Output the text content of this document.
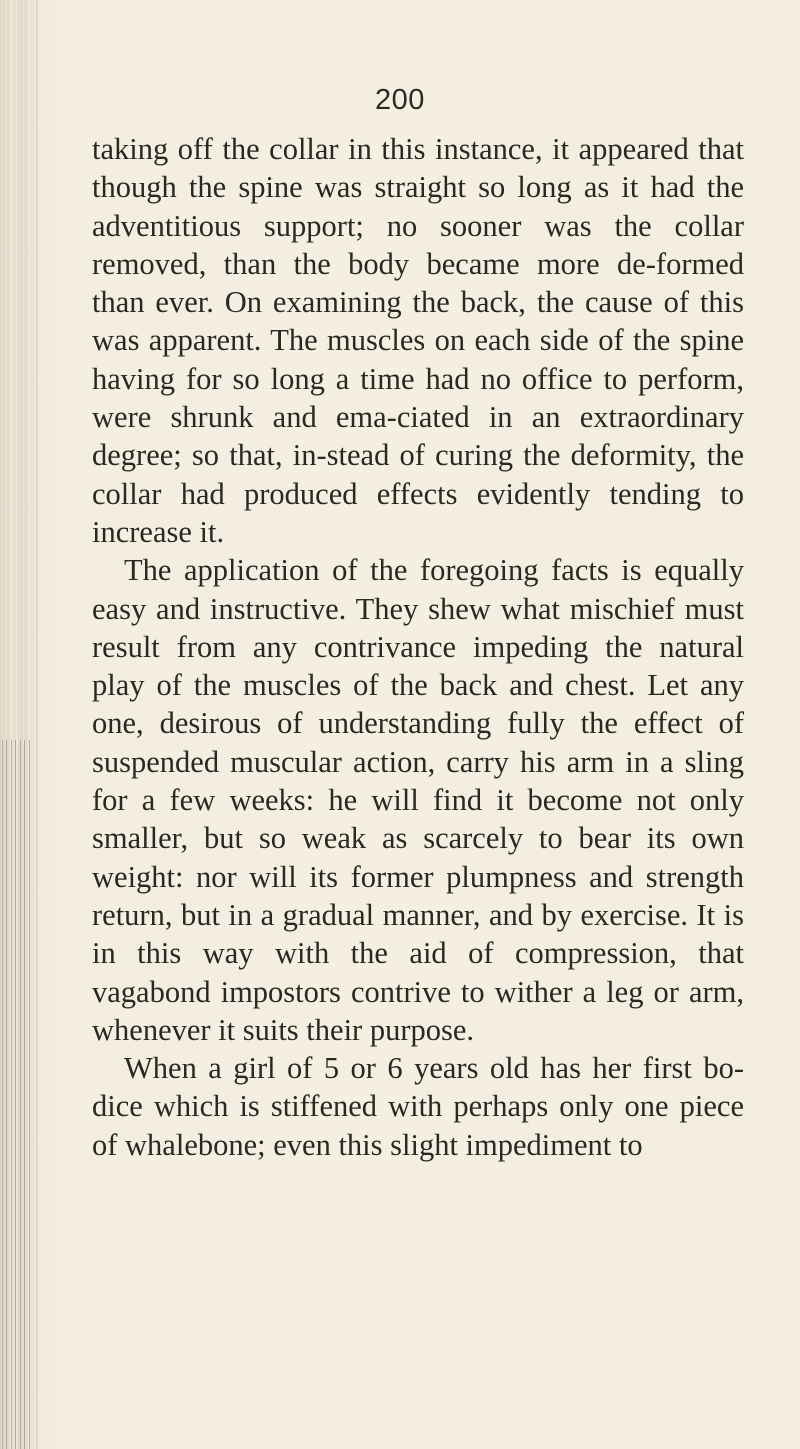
200

taking off the collar in this instance, it appeared that though the spine was straight so long as it had the adventitious support; no sooner was the collar removed, than the body became more de-formed than ever. On examining the back, the cause of this was apparent. The muscles on each side of the spine having for so long a time had no office to perform, were shrunk and ema-ciated in an extraordinary degree; so that, in-stead of curing the deformity, the collar had produced effects evidently tending to increase it.

The application of the foregoing facts is equally easy and instructive. They shew what mischief must result from any contrivance impeding the natural play of the muscles of the back and chest. Let any one, desirous of understanding fully the effect of suspended muscular action, carry his arm in a sling for a few weeks: he will find it become not only smaller, but so weak as scarcely to bear its own weight: nor will its former plumpness and strength return, but in a gradual manner, and by exercise. It is in this way with the aid of compression, that vagabond impostors contrive to wither a leg or arm, whenever it suits their purpose.

When a girl of 5 or 6 years old has her first bo-dice which is stiffened with perhaps only one piece of whalebone; even this slight impediment to
